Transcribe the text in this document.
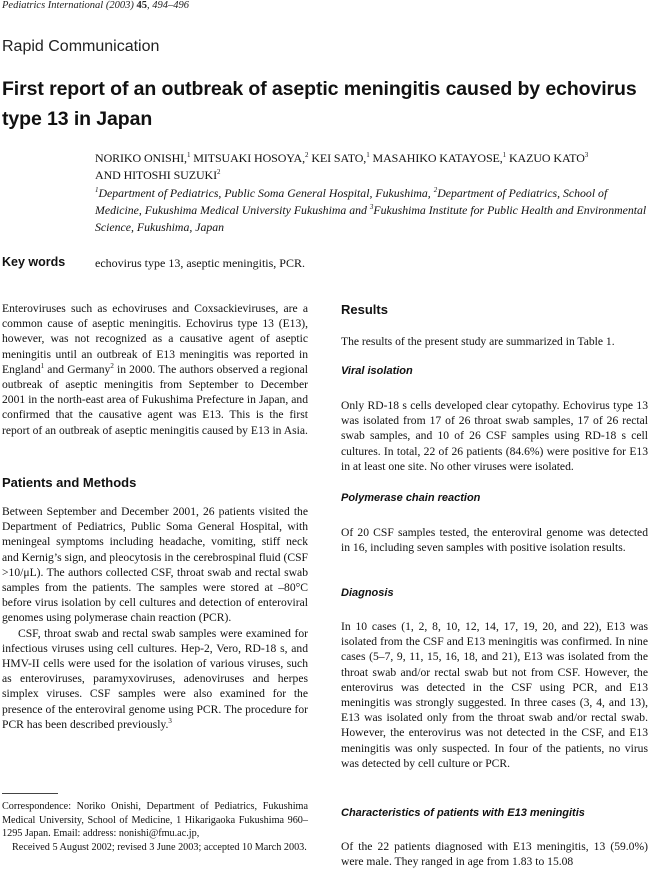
Pediatrics International (2003) 45, 494–496
Rapid Communication
First report of an outbreak of aseptic meningitis caused by echovirus type 13 in Japan
NORIKO ONISHI,$^1$ MITSUAKI HOSOYA,$^2$ KEI SATO,$^1$ MASAHIKO KATAYOSE,$^1$ KAZUO KATO$^3$
AND HITOSHI SUZUKI$^2$
$^1$Department of Pediatrics, Public Soma General Hospital, Fukushima, $^2$Department of Pediatrics, School of Medicine, Fukushima Medical University Fukushima and $^3$Fukushima Institute for Public Health and Environmental Science, Fukushima, Japan
Key words echovirus type 13, aseptic meningitis, PCR.

Enteroviruses such as echoviruses and Coxsackieviruses, are a common cause of aseptic meningitis. Echovirus type 13 (E13), however, was not recognized as a causative agent of aseptic meningitis until an outbreak of E13 meningitis was reported in England$^1$ and Germany$^2$ in 2000. The authors observed a regional outbreak of aseptic meningitis from September to December 2001 in the north-east area of Fukushima Prefecture in Japan, and confirmed that the causative agent was E13. This is the first report of an outbreak of aseptic meningitis caused by E13 in Asia.

Patients and Methods

Between September and December 2001, 26 patients visited the Department of Pediatrics, Public Soma General Hospital, with meningeal symptoms including headache, vomiting, stiff neck and Kernig’s sign, and pleocytosis in the cerebrospinal fluid (CSF >10/μL). The authors collected CSF, throat swab and rectal swab samples from the patients. The samples were stored at –80°C before virus isolation by cell cultures and detection of enteroviral genomes using polymerase chain reaction (PCR).

CSF, throat swab and rectal swab samples were examined for infectious viruses using cell cultures. Hep-2, Vero, RD-18 s, and HMV-II cells were used for the isolation of various viruses, such as enteroviruses, paramyxoviruses, adenoviruses and herpes simplex viruses. CSF samples were also examined for the presence of the enteroviral genome using PCR. The procedure for PCR has been described previously.$^3$

Correspondence: Noriko Onishi, Department of Pediatrics, Fukushima Medical University, School of Medicine, 1 Hikarigaoka Fukushima 960–1295 Japan. Email: address: nonishi@fmu.ac.jp,

Received 5 August 2002; revised 3 June 2003; accepted 10 March 2003.

Results
The results of the present study are summarized in Table 1.
Viral isolation
Only RD-18 s cells developed clear cytopathy. Echovirus type 13 was isolated from 17 of 26 throat swab samples, 17 of 26 rectal swab samples, and 10 of 26 CSF samples using RD-18 s cell cultures. In total, 22 of 26 patients (84.6%) were positive for E13 in at least one site. No other viruses were isolated.
Polymerase chain reaction
Of 20 CSF samples tested, the enteroviral genome was detected in 16, including seven samples with positive isolation results.
Diagnosis
In 10 cases (1, 2, 8, 10, 12, 14, 17, 19, 20, and 22), E13 was isolated from the CSF and E13 meningitis was confirmed. In nine cases (5–7, 9, 11, 15, 16, 18, and 21), E13 was isolated from the throat swab and/or rectal swab but not from CSF. However, the enterovirus was detected in the CSF using PCR, and E13 meningitis was strongly suggested. In three cases (3, 4, and 13), E13 was isolated only from the throat swab and/or rectal swab. However, the enterovirus was not detected in the CSF, and E13 meningitis was only suspected. In four of the patients, no virus was detected by cell culture or PCR.
Characteristics of patients with E13 meningitis
Of the 22 patients diagnosed with E13 meningitis, 13 (59.0%) were male. They ranged in age from 1.83 to 15.08
